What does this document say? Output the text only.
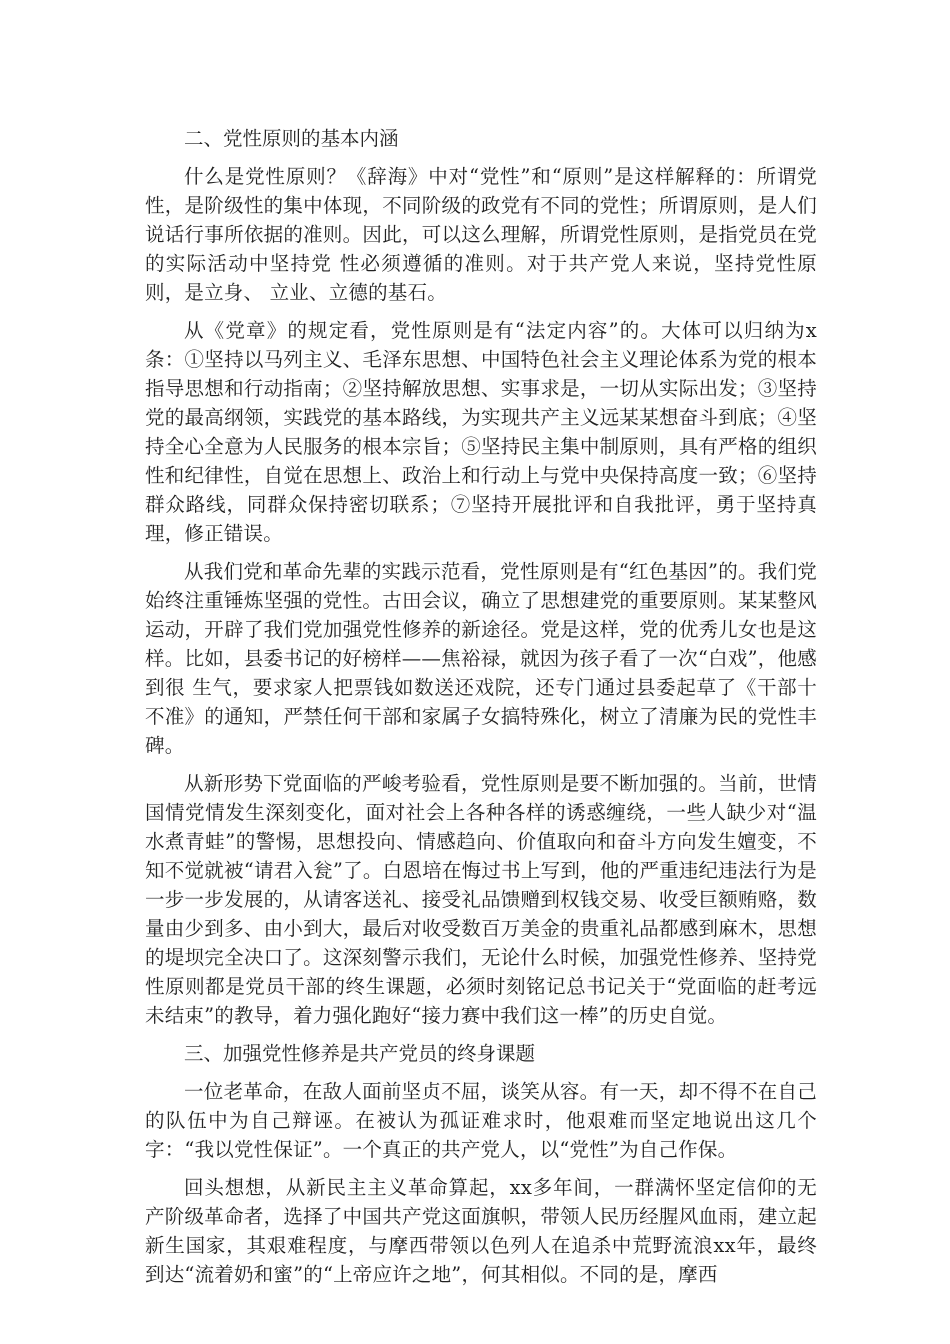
二、党性原则的基本内涵

什么是党性原则？《辞海》中对“党性”和“原则”是这样解释的：所谓党性，是阶级性的集中体现，不同阶级的政党有不同的党性；所谓原则，是人们说话行事所依据的准则。因此，可以这么理解，所谓党性原则，是指党员在党的实际活动中坚持党 性必须遵循的准则。对于共产党人来说，坚持党性原则，是立身、 立业、立德的基石。

从《党章》的规定看，党性原则是有“法定内容”的。大体可以归纳为x条：①坚持以马列主义、毛泽东思想、中国特色社会主义理论体系为党的根本指导思想和行动指南；②坚持解放思想、实事求是，一切从实际出发；③坚持党的最高纲领，实践党的基本路线，为实现共产主义远某某想奋斗到底；④坚持全心全意为人民服务的根本宗旨；⑤坚持民主集中制原则，具有严格的组织性和纪律性，自觉在思想上、政治上和行动上与党中央保持高度一致；⑥坚持群众路线，同群众保持密切联系；⑦坚持开展批评和自我批评，勇于坚持真理，修正错误。

从我们党和革命先辈的实践示范看，党性原则是有“红色基因”的。我们党始终注重锤炼坚强的党性。古田会议，确立了思想建党的重要原则。某某整风运动，开辟了我们党加强党性修养的新途径。党是这样，党的优秀儿女也是这样。比如，县委书记的好榜样——焦裕禄，就因为孩子看了一次“白戏”，他感到很 生气，要求家人把票钱如数送还戏院，还专门通过县委起草了《干部十不准》的通知，严禁任何干部和家属子女搞特殊化，树立了清廉为民的党性丰碑。

从新形势下党面临的严峻考验看，党性原则是要不断加强的。当前，世情国情党情发生深刻变化，面对社会上各种各样的诱惑缠绕，一些人缺少对“温水煮青蛙”的警惕，思想投向、情感趋向、价值取向和奋斗方向发生嬗变，不知不觉就被“请君入瓮”了。白恩培在悔过书上写到，他的严重违纪违法行为是一步一步发展的，从请客送礼、接受礼品馈赠到权钱交易、收受巨额贿赂，数量由少到多、由小到大，最后对收受数百万美金的贵重礼品都感到麻木，思想的堤坝完全决口了。这深刻警示我们，无论什么时候，加强党性修养、坚持党性原则都是党员干部的终生课题，必须时刻铭记总书记关于“党面临的赶考远未结束”的教导，着力强化跑好“接力赛中我们这一棒”的历史自觉。

三、加强党性修养是共产党员的终身课题

一位老革命，在敌人面前坚贞不屈，谈笑从容。有一天，却不得不在自己的队伍中为自己辩诬。在被认为孤证难求时，他艰难而坚定地说出这几个字：“我以党性保证”。一个真正的共产党人，以“党性”为自己作保。

回头想想，从新民主主义革命算起，xx多年间，一群满怀坚定信仰的无产阶级革命者，选择了中国共产党这面旗帜，带领人民历经腥风血雨，建立起新生国家，其艰难程度，与摩西带领以色列人在追杀中荒野流浪xx年，最终到达“流着奶和蜜”的“上帝应许之地”，何其相似。不同的是，摩西
